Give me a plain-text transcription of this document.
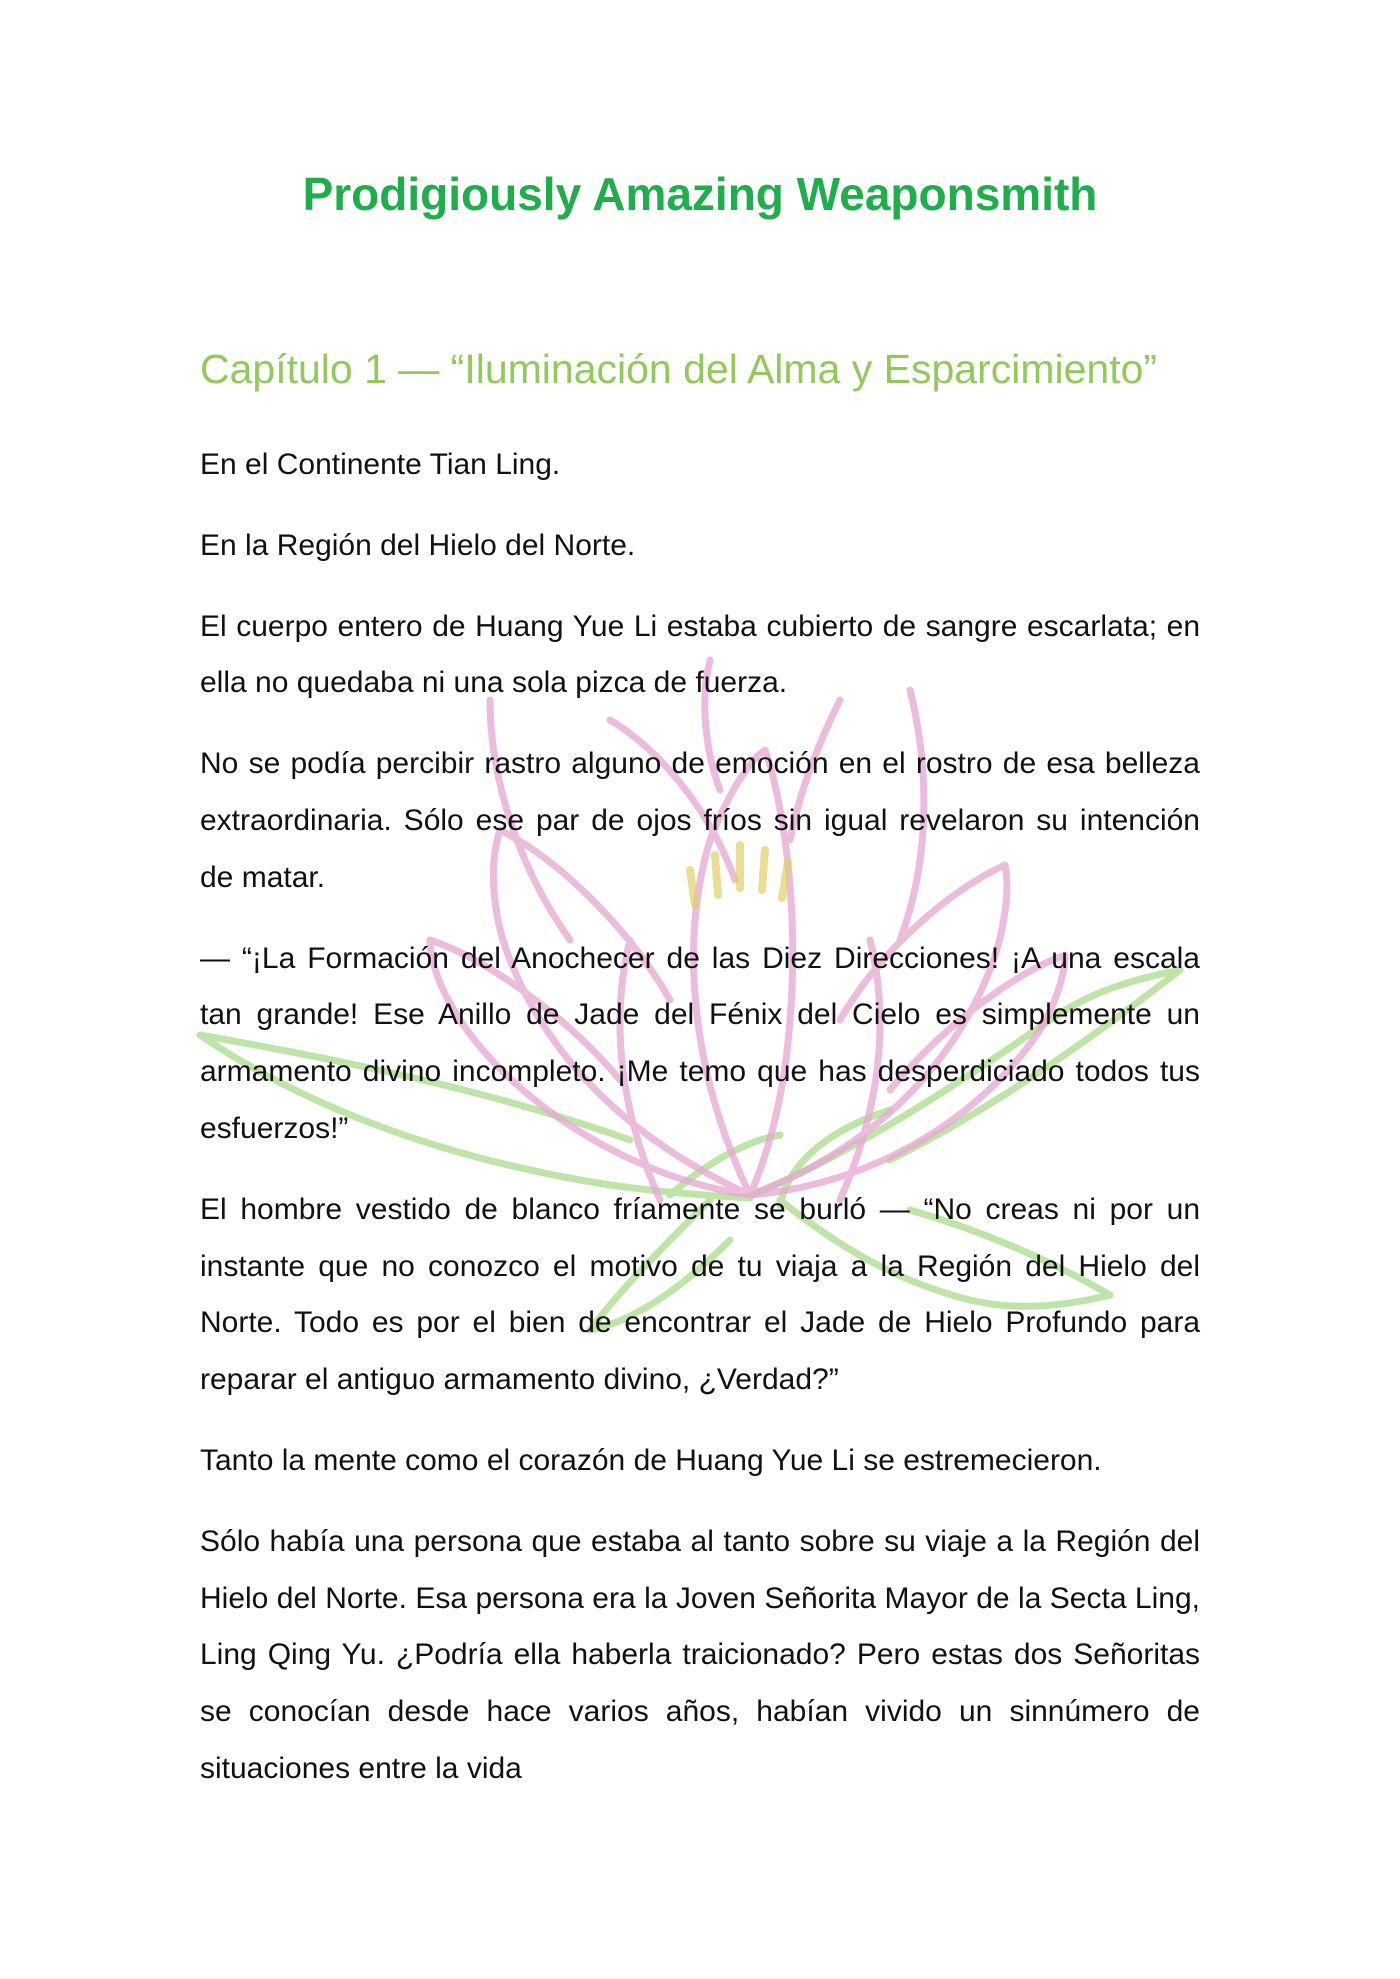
Prodigiously Amazing Weaponsmith
Capítulo 1 — “Iluminación del Alma y Esparcimiento”

En el Continente Tian Ling.

En la Región del Hielo del Norte.

El cuerpo entero de Huang Yue Li estaba cubierto de sangre escarlata; en ella no quedaba ni una sola pizca de fuerza.

No se podía percibir rastro alguno de emoción en el rostro de esa belleza extraordinaria. Sólo ese par de ojos fríos sin igual revelaron su intención de matar.

— “¡La Formación del Anochecer de las Diez Direcciones! ¡A una escala tan grande! Ese Anillo de Jade del Fénix del Cielo es simplemente un armamento divino incompleto. ¡Me temo que has desperdiciado todos tus esfuerzos!”

El hombre vestido de blanco fríamente se burló — “No creas ni por un instante que no conozco el motivo de tu viaja a la Región del Hielo del Norte. Todo es por el bien de encontrar el Jade de Hielo Profundo para reparar el antiguo armamento divino, ¿Verdad?”

Tanto la mente como el corazón de Huang Yue Li se estremecieron.

Sólo había una persona que estaba al tanto sobre su viaje a la Región del Hielo del Norte. Esa persona era la Joven Señorita Mayor de la Secta Ling, Ling Qing Yu. ¿Podría ella haberla traicionado? Pero estas dos Señoritas se conocían desde hace varios años, habían vivido un sinnúmero de situaciones entre la vida
